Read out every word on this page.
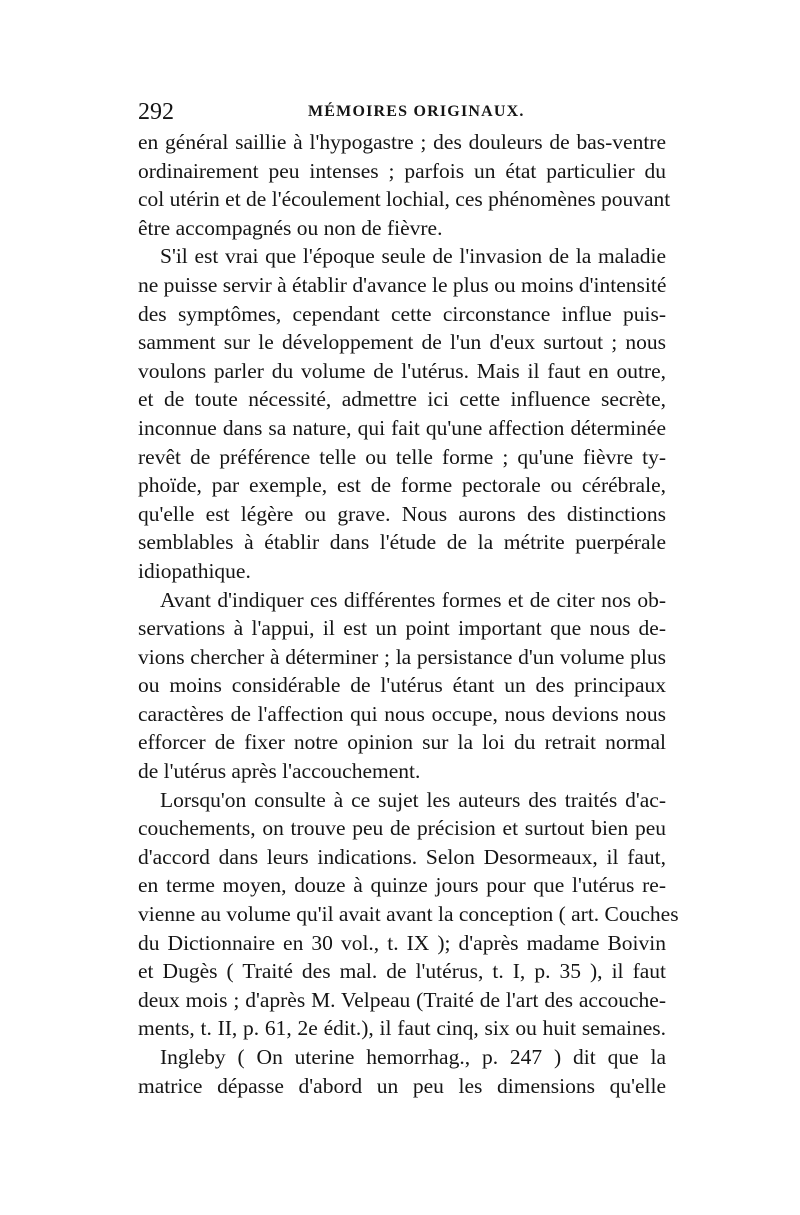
292	MÉMOIRES ORIGINAUX.
en général saillie à l'hypogastre ; des douleurs de bas-ventre
ordinairement peu intenses ; parfois un état particulier du
col utérin et de l'écoulement lochial, ces phénomènes pouvant
être accompagnés ou non de fièvre.
S'il est vrai que l'époque seule de l'invasion de la maladie
ne puisse servir à établir d'avance le plus ou moins d'intensité
des symptômes, cependant cette circonstance influe puis-
samment sur le développement de l'un d'eux surtout ; nous
voulons parler du volume de l'utérus. Mais il faut en outre,
et de toute nécessité, admettre ici cette influence secrète,
inconnue dans sa nature, qui fait qu'une affection déterminée
revêt de préférence telle ou telle forme ; qu'une fièvre ty-
phoïde, par exemple, est de forme pectorale ou cérébrale,
qu'elle est légère ou grave. Nous aurons des distinctions
semblables à établir dans l'étude de la métrite puerpérale
idiopathique.
Avant d'indiquer ces différentes formes et de citer nos ob-
servations à l'appui, il est un point important que nous de-
vions chercher à déterminer ; la persistance d'un volume plus
ou moins considérable de l'utérus étant un des principaux
caractères de l'affection qui nous occupe, nous devions nous
efforcer de fixer notre opinion sur la loi du retrait normal
de l'utérus après l'accouchement.
Lorsqu'on consulte à ce sujet les auteurs des traités d'ac-
couchements, on trouve peu de précision et surtout bien peu
d'accord dans leurs indications. Selon Desormeaux, il faut,
en terme moyen, douze à quinze jours pour que l'utérus re-
vienne au volume qu'il avait avant la conception ( art. Couches
du Dictionnaire en 30 vol., t. IX ); d'après madame Boivin
et Dugès ( Traité des mal. de l'utérus, t. I, p. 35 ), il faut
deux mois ; d'après M. Velpeau (Traité de l'art des accouche-
ments, t. II, p. 61, 2e édit.), il faut cinq, six ou huit semaines.
Ingleby ( On uterine hemorrhag., p. 247 ) dit que la
matrice dépasse d'abord un peu les dimensions qu'elle
